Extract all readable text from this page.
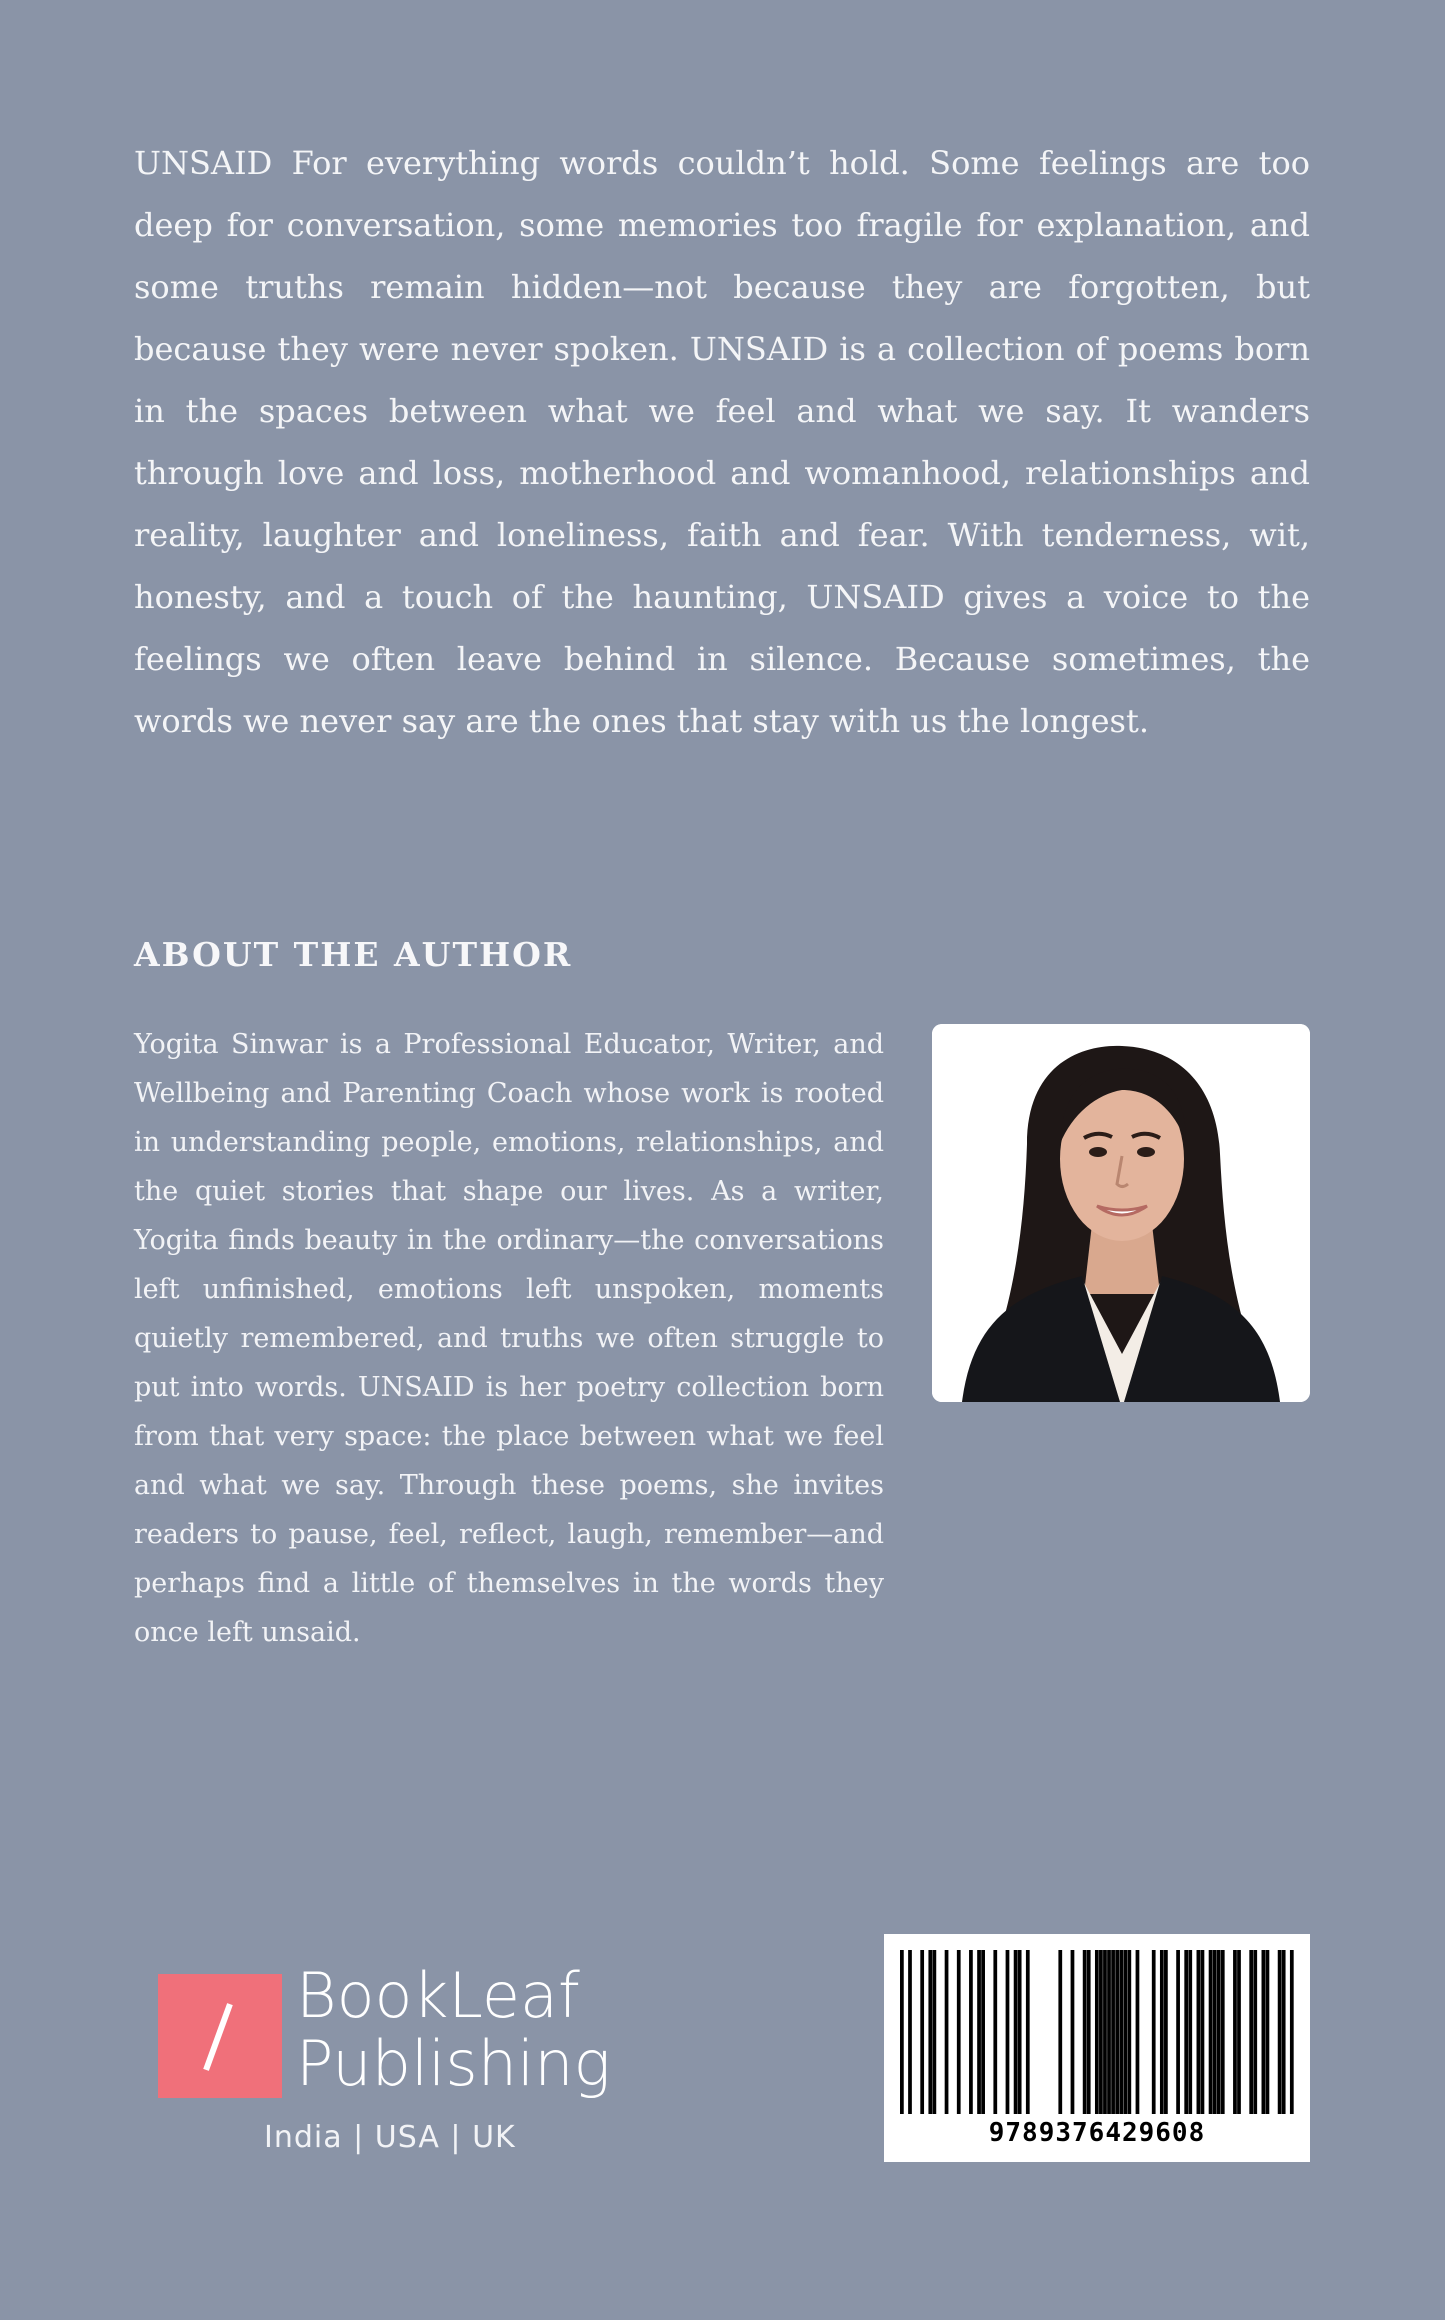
UNSAID For everything words couldn’t hold. Some feelings are too deep for conversation, some memories too fragile for explanation, and some truths remain hidden—not because they are forgotten, but because they were never spoken. UNSAID is a collection of poems born in the spaces between what we feel and what we say. It wanders through love and loss, motherhood and womanhood, relationships and reality, laughter and loneliness, faith and fear. With tenderness, wit, honesty, and a touch of the haunting, UNSAID gives a voice to the feelings we often leave behind in silence. Because sometimes, the words we never say are the ones that stay with us the longest.

ABOUT THE AUTHOR

Yogita Sinwar is a Professional Educator, Writer, and Wellbeing and Parenting Coach whose work is rooted in understanding people, emotions, relationships, and the quiet stories that shape our lives. As a writer, Yogita finds beauty in the ordinary—the conversations left unfinished, emotions left unspoken, moments quietly remembered, and truths we often struggle to put into words. UNSAID is her poetry collection born from that very space: the place between what we feel and what we say. Through these poems, she invites readers to pause, feel, reflect, laugh, remember—and perhaps find a little of themselves in the words they once left unsaid.

BookLeaf
Publishing
India | USA | UK	9789376429608
